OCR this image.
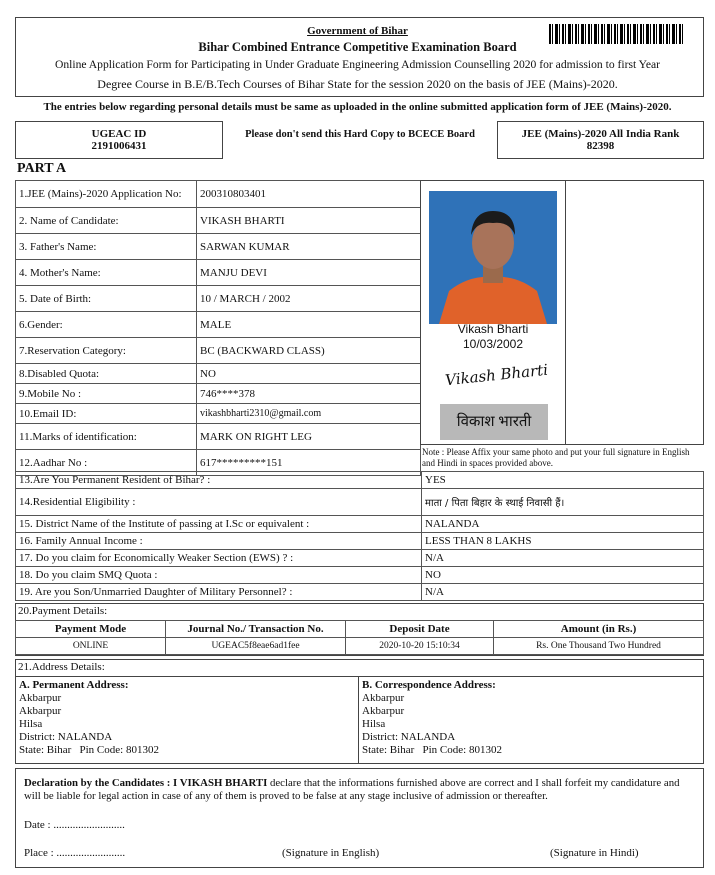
Government of Bihar
Bihar Combined Entrance Competitive Examination Board
Online Application Form for Participating in Under Graduate Engineering Admission Counselling 2020 for admission to first Year
Degree Course in B.E/B.Tech Courses of Bihar State for the session 2020 on the basis of JEE (Mains)-2020.
The entries below regarding personal details must be same as uploaded in the online submitted application form of JEE (Mains)-2020.
UGEAC ID
2191006431
Please don't send this Hard Copy to BCECE Board	JEE (Mains)-2020 All India Rank
82398
PART A
1.JEE (Mains)-2020 Application No:	200310803401
2. Name of Candidate:	VIKASH BHARTI
3. Father's Name:	SARWAN KUMAR
4. Mother's Name:	MANJU DEVI
5. Date of Birth:	10 / MARCH / 2002
6.Gender:	MALE
7.Reservation Category:	BC (BACKWARD CLASS)
8.Disabled Quota:	NO
9.Mobile No :	746****378
10.Email ID:	vikashbharti2310@gmail.com
11.Marks of identification:	MARK ON RIGHT LEG
12.Aadhar No :	617*********151
Vikash Bharti
10/03/2002
Vikash Bharti
विकाश भारती
Note : Please Affix your same photo and put your full signature in English and Hindi in spaces provided above.
13.Are You Permanent Resident of Bihar? :	YES
14.Residential Eligibility :	माता / पिता बिहार के स्थाई निवासी हैं।
15. District Name of the Institute of passing at I.Sc or equivalent :	NALANDA
16. Family Annual Income :	LESS THAN 8 LAKHS
17. Do you claim for Economically Weaker Section (EWS) ? :	N/A
18. Do you claim SMQ Quota :	NO
19. Are you Son/Unmarried Daughter of Military Personnel? :	N/A
20.Payment Details:
Payment Mode	Journal No./ Transaction No.	Deposit Date	Amount (in Rs.)
ONLINE	UGEAC5f8eae6ad1fee	2020-10-20 15:10:34	Rs. One Thousand Two Hundred
21.Address Details:
A. Permanent Address:
Akbarpur
Akbarpur
Hilsa
District: NALANDA
State: Bihar   Pin Code: 801302
B. Correspondence Address:
Akbarpur
Akbarpur
Hilsa
District: NALANDA
State: Bihar   Pin Code: 801302
Declaration by the Candidates : I VIKASH BHARTI declare that the informations furnished above are correct and I shall forfeit my candidature and will be liable for legal action in case of any of them is proved to be false at any stage inclusive of admission or thereafter.
Date : ..........................
Place : .........................	(Signature in English)	(Signature in Hindi)
